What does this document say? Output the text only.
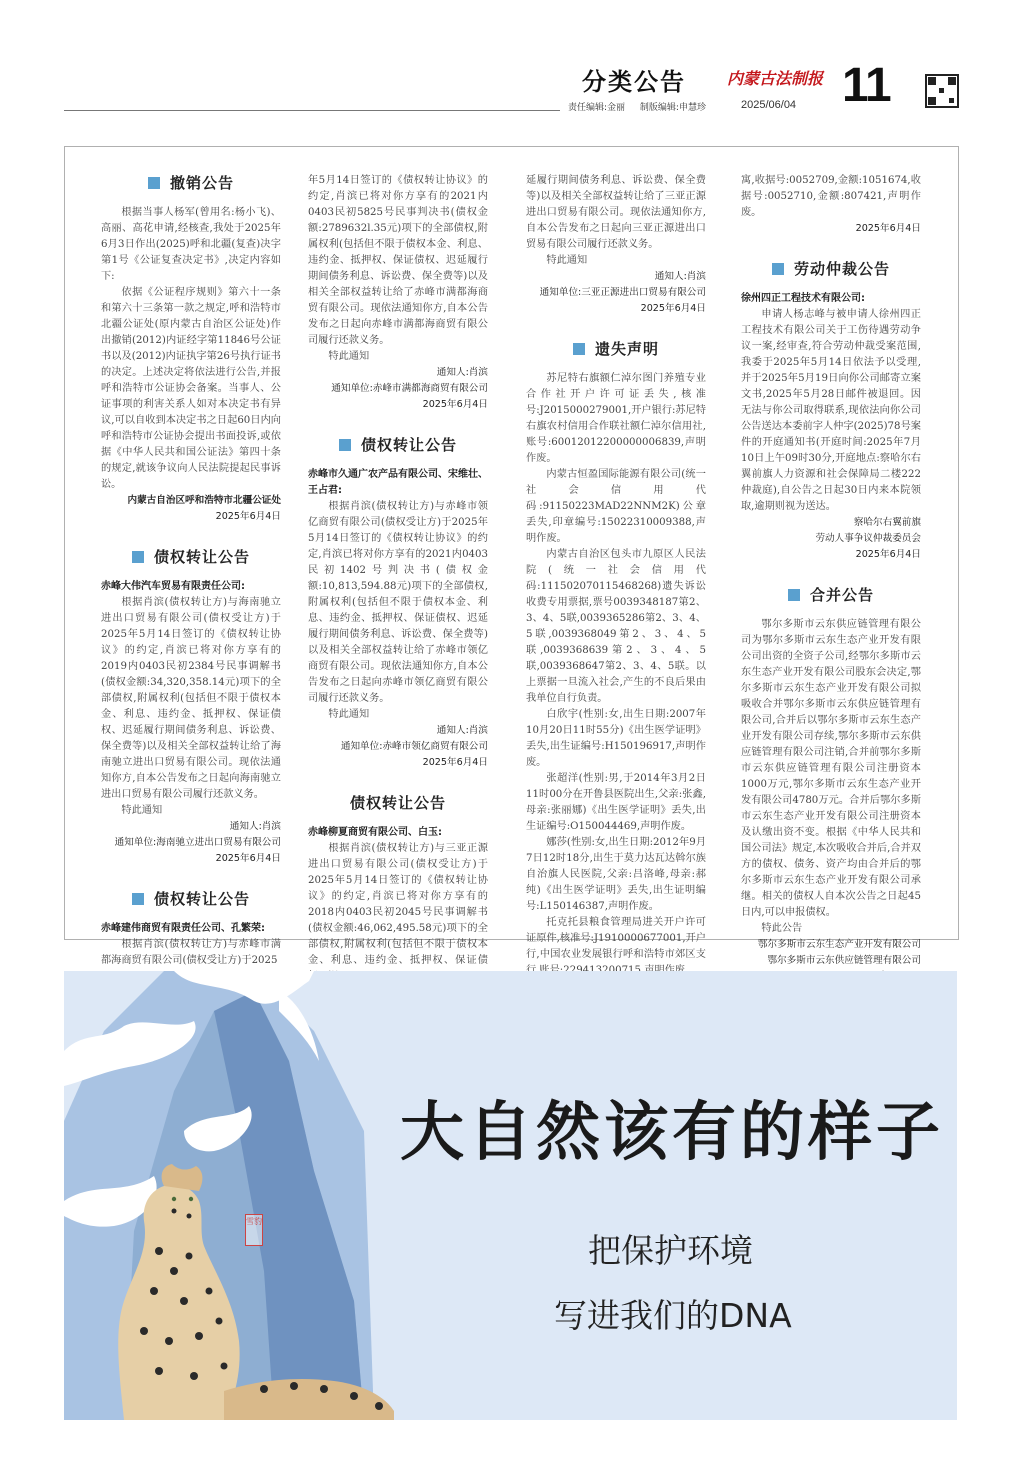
分类公告	内蒙古法制报 11
责任编辑:金丽 制版编辑:申慧珍	2025/06/04
撤销公告

根据当事人杨军(曾用名:杨小飞)、高丽、高花申请,经核查,我处于2025年6月3日作出(2025)呼和北疆(复查)决字第1号《公证复查决定书》,决定内容如下:

依据《公证程序规则》第六十一条和第六十三条第一款之规定,呼和浩特市北疆公证处(原内蒙古自治区公证处)作出撤销(2012)内证经字第11846号公证书以及(2012)内证执字第26号执行证书的决定。上述决定将依法进行公告,并报呼和浩特市公证协会备案。当事人、公证事项的利害关系人如对本决定书有异议,可以自收到本决定书之日起60日内向呼和浩特市公证协会提出书面投诉,或依据《中华人民共和国公证法》第四十条的规定,就该争议向人民法院提起民事诉讼。

内蒙古自治区呼和浩特市北疆公证处
2025年6月4日
债权转让公告

赤峰大伟汽车贸易有限责任公司:

根据肖滨(债权转让方)与海南驰立进出口贸易有限公司(债权受让方)于2025年5月14日签订的《债权转让协议》的约定,肖滨已将对你方享有的2019内0403民初2384号民事调解书(债权金额:34,320,358.14元)项下的全部债权,附属权利(包括但不限于债权本金、利息、违约金、抵押权、保证债权、迟延履行期间债务利息、诉讼费、保全费等)以及相关全部权益转让给了海南驰立进出口贸易有限公司。现依法通知你方,自本公告发布之日起向海南驰立进出口贸易有限公司履行还款义务。

特此通知

通知人:肖滨
通知单位:海南驰立进出口贸易有限公司
2025年6月4日
债权转让公告

赤峰建伟商贸有限责任公司、孔繁荣:

根据肖滨(债权转让方)与赤峰市满都海商贸有限公司(债权受让方)于2025

年5月14日签订的《债权转让协议》的约定,肖滨已将对你方享有的2021内0403民初5825号民事判决书(债权金额:2789632l.35元)项下的全部债权,附属权利(包括但不限于债权本金、利息、违约金、抵押权、保证债权、迟延履行期间债务利息、诉讼费、保全费等)以及相关全部权益转让给了赤峰市满都海商贸有限公司。现依法通知你方,自本公告发布之日起向赤峰市满都海商贸有限公司履行还款义务。

特此通知

通知人:肖滨
通知单位:赤峰市满都海商贸有限公司
2025年6月4日
债权转让公告

赤峰市久通广农产品有限公司、宋维壮、王占君:

根据肖滨(债权转让方)与赤峰市领亿商贸有限公司(债权受让方)于2025年5月14日签订的《债权转让协议》的约定,肖滨已将对你方享有的2021内0403民初1402号判决书(债权金额:10,813,594.88元)项下的全部债权,附属权利(包括但不限于债权本金、利息、违约金、抵押权、保证债权、迟延履行期间债务利息、诉讼费、保全费等)以及相关全部权益转让给了赤峰市领亿商贸有限公司。现依法通知你方,自本公告发布之日起向赤峰市领亿商贸有限公司履行还款义务。

特此通知

通知人:肖滨
通知单位:赤峰市领亿商贸有限公司
2025年6月4日
债权转让公告

赤峰柳夏商贸有限公司、白玉:

根据肖滨(债权转让方)与三亚正源进出口贸易有限公司(债权受让方)于2025年5月14日签订的《债权转让协议》的约定,肖滨已将对你方享有的2018内0403民初2045号民事调解书(债权金额:46,062,495.58元)项下的全部债权,附属权利(包括但不限于债权本金、利息、违约金、抵押权、保证债

延履行期间债务利息、诉讼费、保全费等)以及相关全部权益转让给了三亚正源进出口贸易有限公司。现依法通知你方,自本公告发布之日起向三亚正源进出口贸易有限公司履行还款义务。

特此通知

通知人:肖滨
通知单位:三亚正源进出口贸易有限公司
2025年6月4日
遗失声明

苏尼特右旗额仁淖尔图门养殖专业合作社开户许可证丢失,核准号:J2015000279001,开户银行:苏尼特右旗农村信用合作联社额仁淖尔信用社,账号:60012012200000006839,声明作废。

内蒙古恒盈国际能源有限公司(统一社会信用代码:91150223MAD22NNM2K)公章丢失,印章编号:15022310009388,声明作废。

内蒙古自治区包头市九原区人民法院(统一社会信用代码:11150207011546826​8)遗失诉讼收费专用票据,票号0039348187第2、3、4、5联,0039365286第2、3、4、5联,0039368049第2、3、4、5联,0039368639第2、3、4、5联,0039368647第2、3、4、5联。以上票据一旦流入社会,产生的不良后果由我单位自行负责。

白欣宇(性别:女,出生日期:2007年10月20日11时55分)《出生医学证明》丢失,出生证编号:H150196917,声明作废。

张超洋(性别:男,于2014年3月2日11时00分在开鲁县医院出生,父亲:张鑫,母亲:张丽娜)《出生医学证明》丢失,出生证编号:O150044469,声明作废。

娜莎(性别:女,出生日期:2012年9月7日12时18分,出生于莫力达瓦达斡尔族自治旗人民医院,父亲:吕洛峰,母亲:郝纯)《出生医学证明》丢失,出生证明编号:L150146387,声明作废。

托克托县粮食管理局进关开户许可证原件,核准号:J1910000677001,开户行,中国农业发展银行呼和浩特市郊区支

寓,收据号:0052709,金额:1051674,收据号:0052710,金额:807421,声明作废。

2025年6月4日
劳动仲裁公告

徐州四正工程技术有限公司:

申请人杨志峰与被申请人徐州四正工程技术有限公司关于工伤待遇劳动争议一案,经审查,符合劳动仲裁受案范围,我委于2025年5月14日依法予以受理,并于2025年5月19日向你公司邮寄立案文书,2025年5月28日邮件被退回。因无法与你公司取得联系,现依法向你公司公告送达本委前字人仲字(2025)78号案件的开庭通知书(开庭时间:2025年7月10日上午09时30分,开庭地点:察哈尔右翼前旗人力资源和社会保障局二楼222仲裁庭),自公告之日起30日内来本院领取,逾期则视为送达。

察哈尔右翼前旗
劳动人事争议仲裁委员会
2025年6月4日
合并公告

鄂尔多斯市云东供应链管理有限公司为鄂尔多斯市云东生态产业开发有限公司出资的全资子公司,经鄂尔多斯市云东生态产业开发有限公司股东会决定,鄂尔多斯市云东生态产业开发有限公司拟吸收合并鄂尔多斯市云东供应链管理有限公司,合并后以鄂尔多斯市云东生态产业开发有限公司存续,鄂尔多斯市云东供应链管理有限公司注销,合并前鄂尔多斯市云东供应链管理有限公司注册资本1000万元,鄂尔多斯市云东生态产业开发有限公司4780万元。合并后鄂尔多斯市云东生态产业开发有限公司注册资本及认缴出资不变。根据《中华人民共和国公司法》规定,本次吸收合并后,合并双方的债权、债务、资产均由合并后的鄂尔多斯市云东生态产业开发有限公司承继。相关的债权人自本次公告之日起45日内,可以申报债权。

特此公告

鄂尔多斯市云东生态产业开发有限公司
鄂尔多斯市云东供应链管理有限公司
大自然该有的样子
把保护环境
写进我们的DNA
雪豹
